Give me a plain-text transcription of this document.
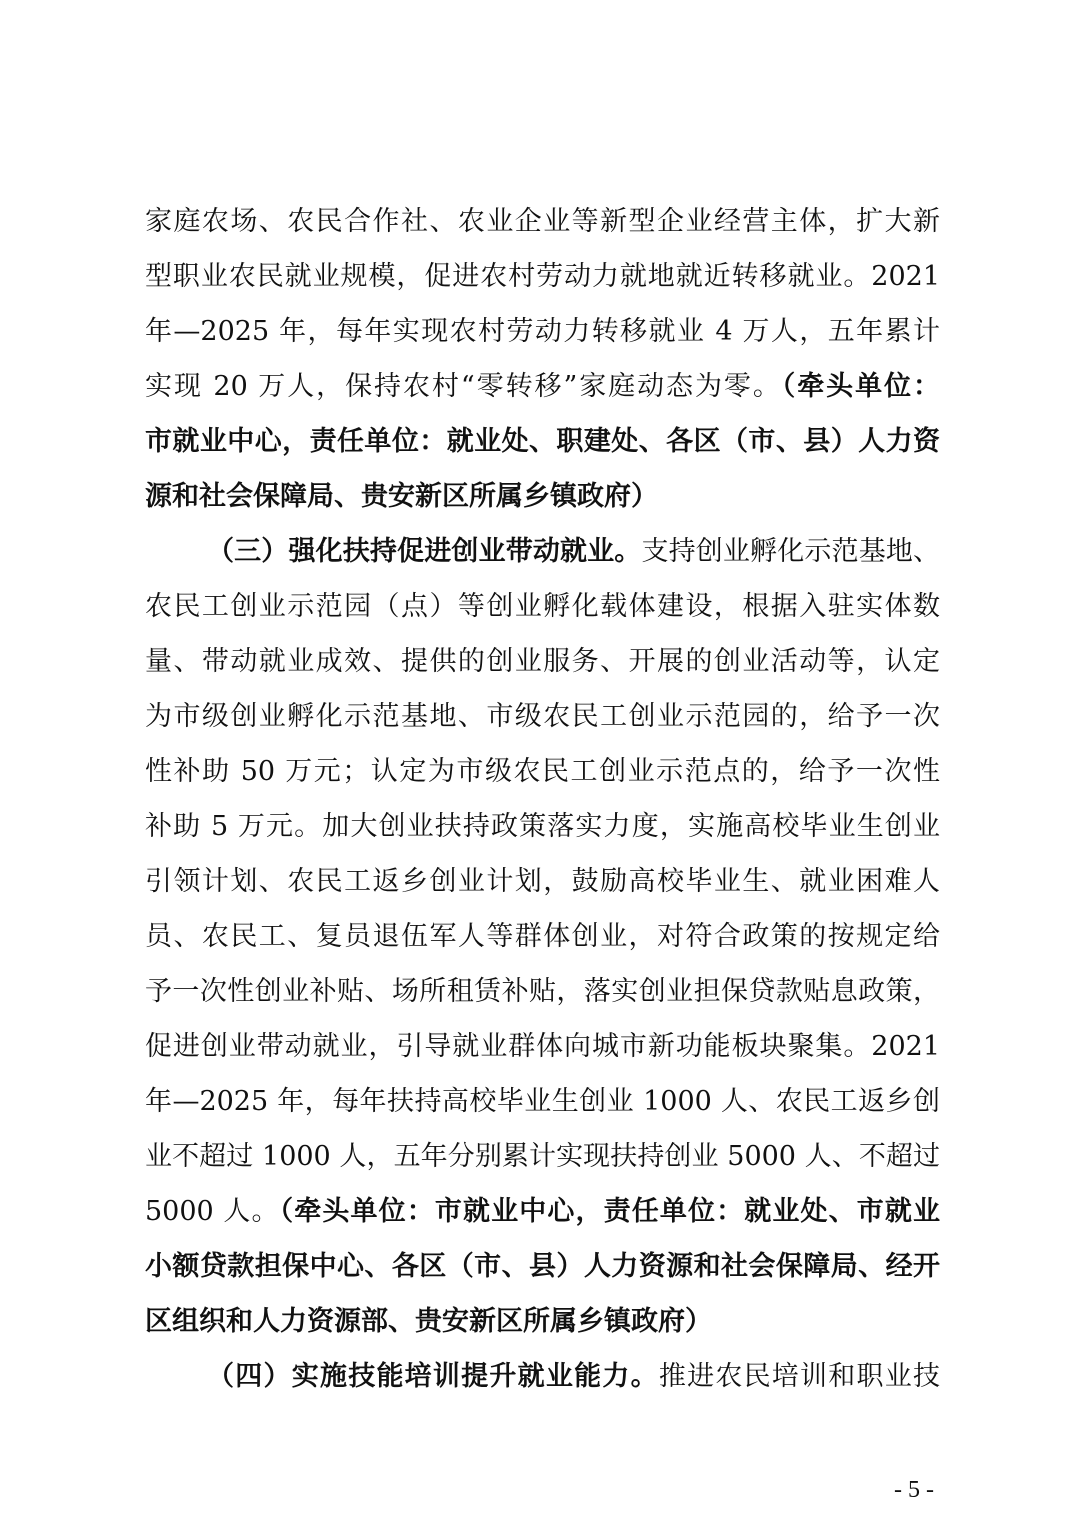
家庭农场、农民合作社、农业企业等新型企业经营主体，扩大新
型职业农民就业规模，促进农村劳动力就地就近转移就业。2021
年—2025 年，每年实现农村劳动力转移就业 4 万人，五年累计
实现 20 万人，保持农村“零转移”家庭动态为零。（牵头单位：
市就业中心，责任单位：就业处、职建处、各区（市、县）人力资
源和社会保障局、贵安新区所属乡镇政府）
（三）强化扶持促进创业带动就业。支持创业孵化示范基地、
农民工创业示范园（点）等创业孵化载体建设，根据入驻实体数
量、带动就业成效、提供的创业服务、开展的创业活动等，认定
为市级创业孵化示范基地、市级农民工创业示范园的，给予一次
性补助 50 万元；认定为市级农民工创业示范点的，给予一次性
补助 5 万元。加大创业扶持政策落实力度，实施高校毕业生创业
引领计划、农民工返乡创业计划，鼓励高校毕业生、就业困难人
员、农民工、复员退伍军人等群体创业，对符合政策的按规定给
予一次性创业补贴、场所租赁补贴，落实创业担保贷款贴息政策，
促进创业带动就业，引导就业群体向城市新功能板块聚集。2021
年—2025 年，每年扶持高校毕业生创业 1000 人、农民工返乡创
业不超过 1000 人，五年分别累计实现扶持创业 5000 人、不超过
5000 人。（牵头单位：市就业中心，责任单位：就业处、市就业
小额贷款担保中心、各区（市、县）人力资源和社会保障局、经开
区组织和人力资源部、贵安新区所属乡镇政府）
（四）实施技能培训提升就业能力。推进农民培训和职业技
- 5 -
